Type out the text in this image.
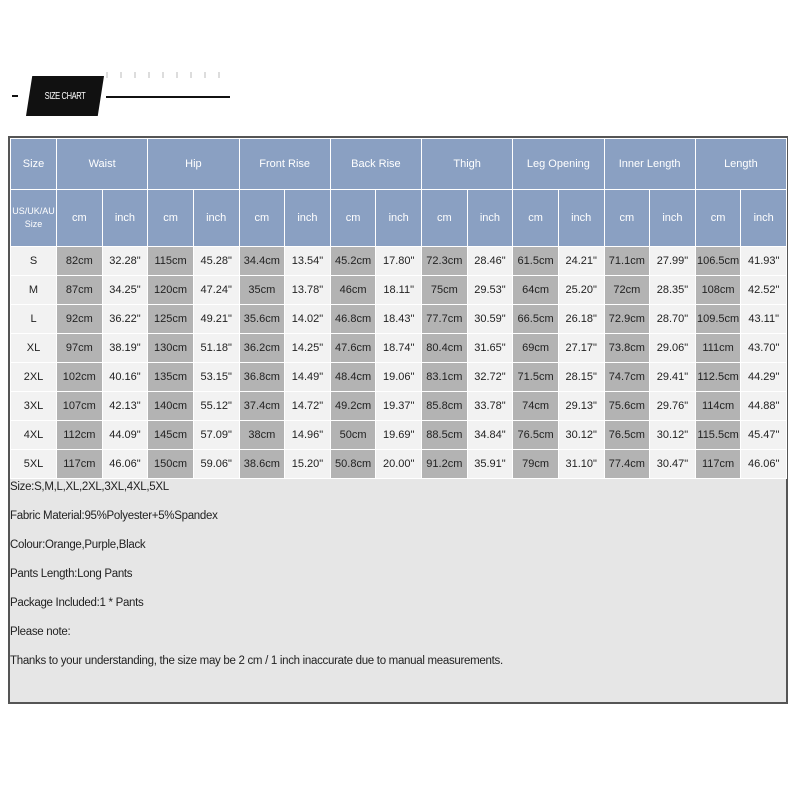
SIZE CHART
Size	Waist		Hip		Front Rise		Back Rise		Thigh		Leg Opening		Inner Length		Length	

US/UK/AU
Size	cm	inch	cm	inch	cm	inch	cm	inch	cm	inch	cm	inch	cm	inch	cm	inch
S	82cm	32.28"	115cm	45.28"	34.4cm	13.54"	45.2cm	17.80"	72.3cm	28.46"	61.5cm	24.21"	71.1cm	27.99"	106.5cm	41.93"
M	87cm	34.25"	120cm	47.24"	35cm	13.78"	46cm	18.11"	75cm	29.53"	64cm	25.20"	72cm	28.35"	108cm	42.52"
L	92cm	36.22"	125cm	49.21"	35.6cm	14.02"	46.8cm	18.43"	77.7cm	30.59"	66.5cm	26.18"	72.9cm	28.70"	109.5cm	43.11"
XL	97cm	38.19"	130cm	51.18"	36.2cm	14.25"	47.6cm	18.74"	80.4cm	31.65"	69cm	27.17"	73.8cm	29.06"	111cm	43.70"
2XL	102cm	40.16"	135cm	53.15"	36.8cm	14.49"	48.4cm	19.06"	83.1cm	32.72"	71.5cm	28.15"	74.7cm	29.41"	112.5cm	44.29"
3XL	107cm	42.13"	140cm	55.12"	37.4cm	14.72"	49.2cm	19.37"	85.8cm	33.78"	74cm	29.13"	75.6cm	29.76"	114cm	44.88"
4XL	112cm	44.09"	145cm	57.09"	38cm	14.96"	50cm	19.69"	88.5cm	34.84"	76.5cm	30.12"	76.5cm	30.12"	115.5cm	45.47"
5XL	117cm	46.06"	150cm	59.06"	38.6cm	15.20"	50.8cm	20.00"	91.2cm	35.91"	79cm	31.10"	77.4cm	30.47"	117cm	46.06"
Size:S,M,L,XL,2XL,3XL,4XL,5XL
Fabric Material:95%Polyester+5%Spandex
Colour:Orange,Purple,Black
Pants Length:Long Pants
Package Included:1 * Pants
Please note:
Thanks to your understanding, the size may be 2 cm / 1 inch inaccurate due to manual measurements.
